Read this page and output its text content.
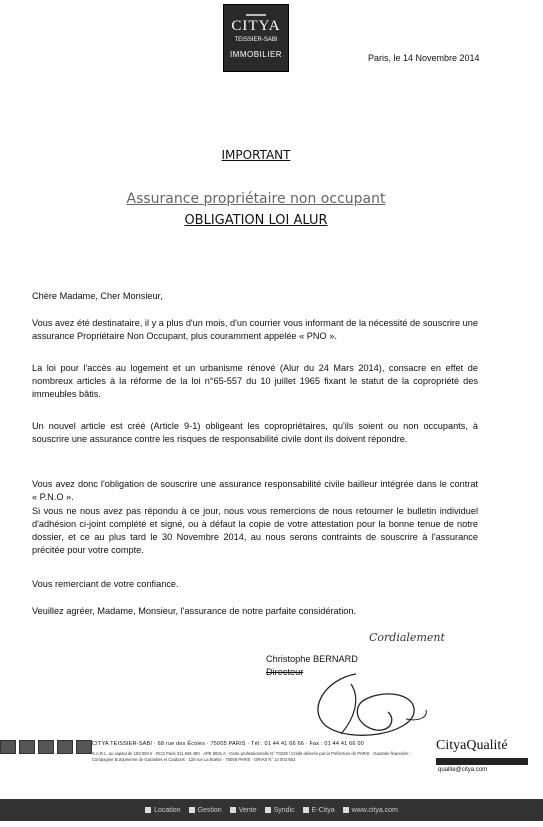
CITYA
TEISSIER-SABI
IMMOBILIER	Paris, le 14 Novembre 2014
IMPORTANT
Assurance propriétaire non occupant
OBLIGATION LOI ALUR

Chère Madame, Cher Monsieur,

Vous avez été destinataire, il y a plus d'un mois, d'un courrier vous informant de la nécessité de souscrire une assurance Propriétaire Non Occupant, plus couramment appelée « PNO ».

La loi pour l'accès au logement et un urbanisme rénové (Alur du 24 Mars 2014), consacre en effet de nombreux articles à la réforme de la loi n°65-557 du 10 juillet 1965 fixant le statut de la copropriété des immeubles bâtis.

Un nouvel article est créé (Article 9-1) obligeant les copropriétaires, qu'ils soient ou non occupants, à souscrire une assurance contre les risques de responsabilité civile dont ils doivent répondre.

Vous avez donc l'obligation de souscrire une assurance responsabilité civile bailleur intégrée dans le contrat « P.N.O ».

Si vous ne nous avez pas répondu à ce jour, nous vous remercions de nous retourner le bulletin individuel d'adhésion ci-joint complété et signé, ou à défaut la copie de votre attestation pour la bonne tenue de notre dossier, et ce au plus tard le 30 Novembre 2014, au nous serons contraints de souscrire à l'assurance précitée pour votre compte.

Vous remerciant de votre confiance.

Veuillez agréer, Madame, Monsieur, l'assurance de notre parfaite considération.

Cordialement
Christophe BERNARD
Directeur
CITYA TEISSIER-SABI · 68 rue des Écoles · 75005 PARIS · Tél : 01 44 41 66 66 · Fax : 01 44 41 66 00
S.A.R.L. au capital de 183 000 € · RCS Paris 311 845 480 · APE 6831 A · Carte professionnelle N° T3229 / Crédit délivrée par la Préfecture de PARIS · Garantie financière : Compagnie Européenne de Garanties et Cautions · 128 rue La Boétie · 75008 PARIS · ORIAS N° 14 003 653
CityaQualité
qualite@citya.com
Location Gestion Vente Syndic E-Citya www.citya.com
